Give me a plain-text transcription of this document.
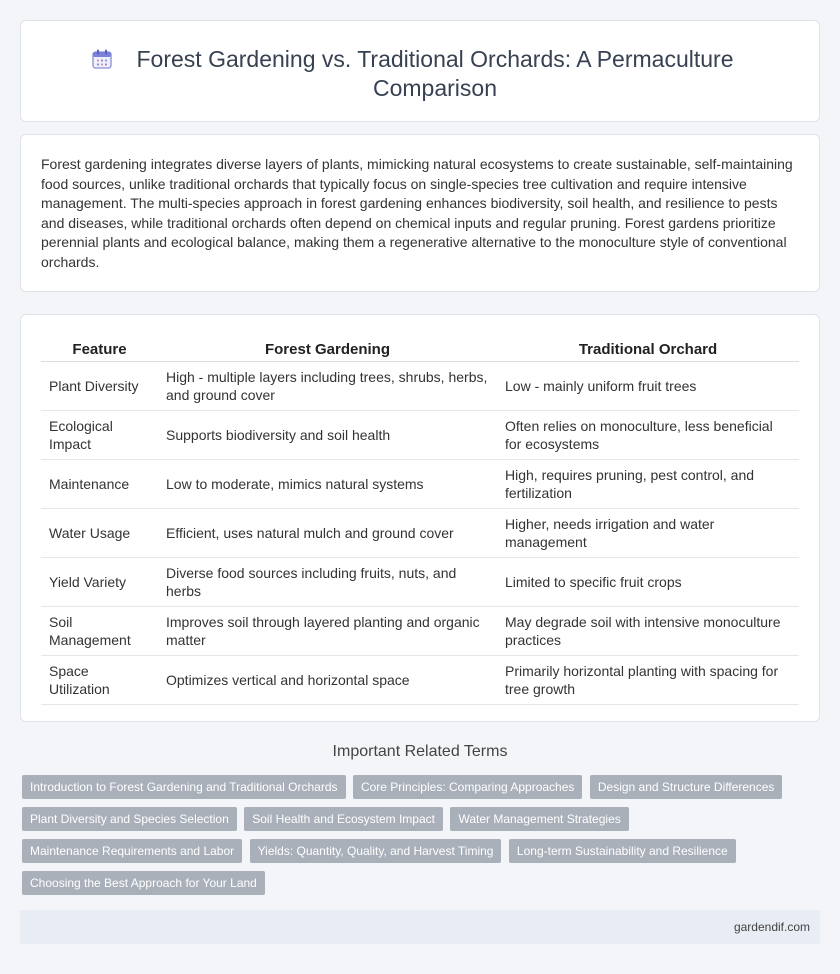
Forest Gardening vs. Traditional Orchards: A Permaculture Comparison

Forest gardening integrates diverse layers of plants, mimicking natural ecosystems to create sustainable, self-maintaining food sources, unlike traditional orchards that typically focus on single-species tree cultivation and require intensive management. The multi-species approach in forest gardening enhances biodiversity, soil health, and resilience to pests and diseases, while traditional orchards often depend on chemical inputs and regular pruning. Forest gardens prioritize perennial plants and ecological balance, making them a regenerative alternative to the monoculture style of conventional orchards.

Feature	Forest Gardening	Traditional Orchard
Plant Diversity	High - multiple layers including trees, shrubs, herbs, and ground cover	Low - mainly uniform fruit trees
Ecological Impact	Supports biodiversity and soil health	Often relies on monoculture, less beneficial for ecosystems
Maintenance	Low to moderate, mimics natural systems	High, requires pruning, pest control, and fertilization
Water Usage	Efficient, uses natural mulch and ground cover	Higher, needs irrigation and water management
Yield Variety	Diverse food sources including fruits, nuts, and herbs	Limited to specific fruit crops
Soil Management	Improves soil through layered planting and organic matter	May degrade soil with intensive monoculture practices
Space Utilization	Optimizes vertical and horizontal space	Primarily horizontal planting with spacing for tree growth
Important Related Terms
Introduction to Forest Gardening and Traditional Orchards Core Principles: Comparing Approaches Design and Structure Differences Plant Diversity and Species Selection Soil Health and Ecosystem Impact Water Management Strategies Maintenance Requirements and Labor Yields: Quantity, Quality, and Harvest Timing Long-term Sustainability and Resilience Choosing the Best Approach for Your Land
gardendif.com
